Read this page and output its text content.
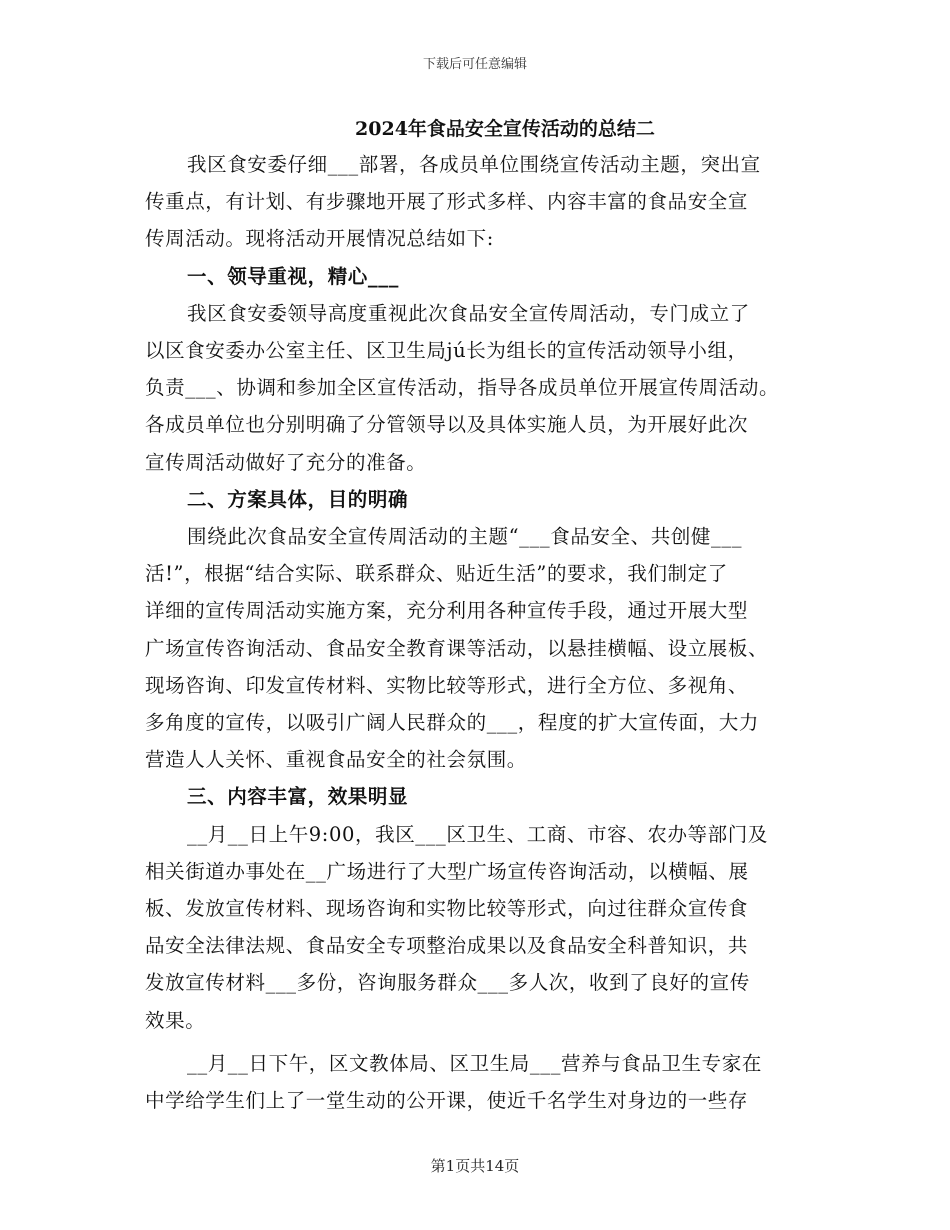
下载后可任意编辑
2024年食品安全宣传活动的总结二
我区食安委仔细___部署，各成员单位围绕宣传活动主题，突出宣
传重点，有计划、有步骤地开展了形式多样、内容丰富的食品安全宣
传周活动。现将活动开展情况总结如下:
一、领导重视，精心___
我区食安委领导高度重视此次食品安全宣传周活动，专门成立了
以区食安委办公室主任、区卫生局jú长为组长的宣传活动领导小组，
负责___、协调和参加全区宣传活动，指导各成员单位开展宣传周活动。
各成员单位也分别明确了分管领导以及具体实施人员，为开展好此次
宣传周活动做好了充分的准备。
二、方案具体，目的明确
围绕此次食品安全宣传周活动的主题“___食品安全、共创健___
活!”，根据“结合实际、联系群众、贴近生活”的要求，我们制定了
详细的宣传周活动实施方案，充分利用各种宣传手段，通过开展大型
广场宣传咨询活动、食品安全教育课等活动，以悬挂横幅、设立展板、
现场咨询、印发宣传材料、实物比较等形式，进行全方位、多视角、
多角度的宣传，以吸引广阔人民群众的___，程度的扩大宣传面，大力
营造人人关怀、重视食品安全的社会氛围。
三、内容丰富，效果明显
__月__日上午9:00，我区___区卫生、工商、市容、农办等部门及
相关街道办事处在__广场进行了大型广场宣传咨询活动，以横幅、展
板、发放宣传材料、现场咨询和实物比较等形式，向过往群众宣传食
品安全法律法规、食品安全专项整治成果以及食品安全科普知识，共
发放宣传材料___多份，咨询服务群众___多人次，收到了良好的宣传
效果。
__月__日下午，区文教体局、区卫生局___营养与食品卫生专家在
中学给学生们上了一堂生动的公开课，使近千名学生对身边的一些存
第1页共14页
